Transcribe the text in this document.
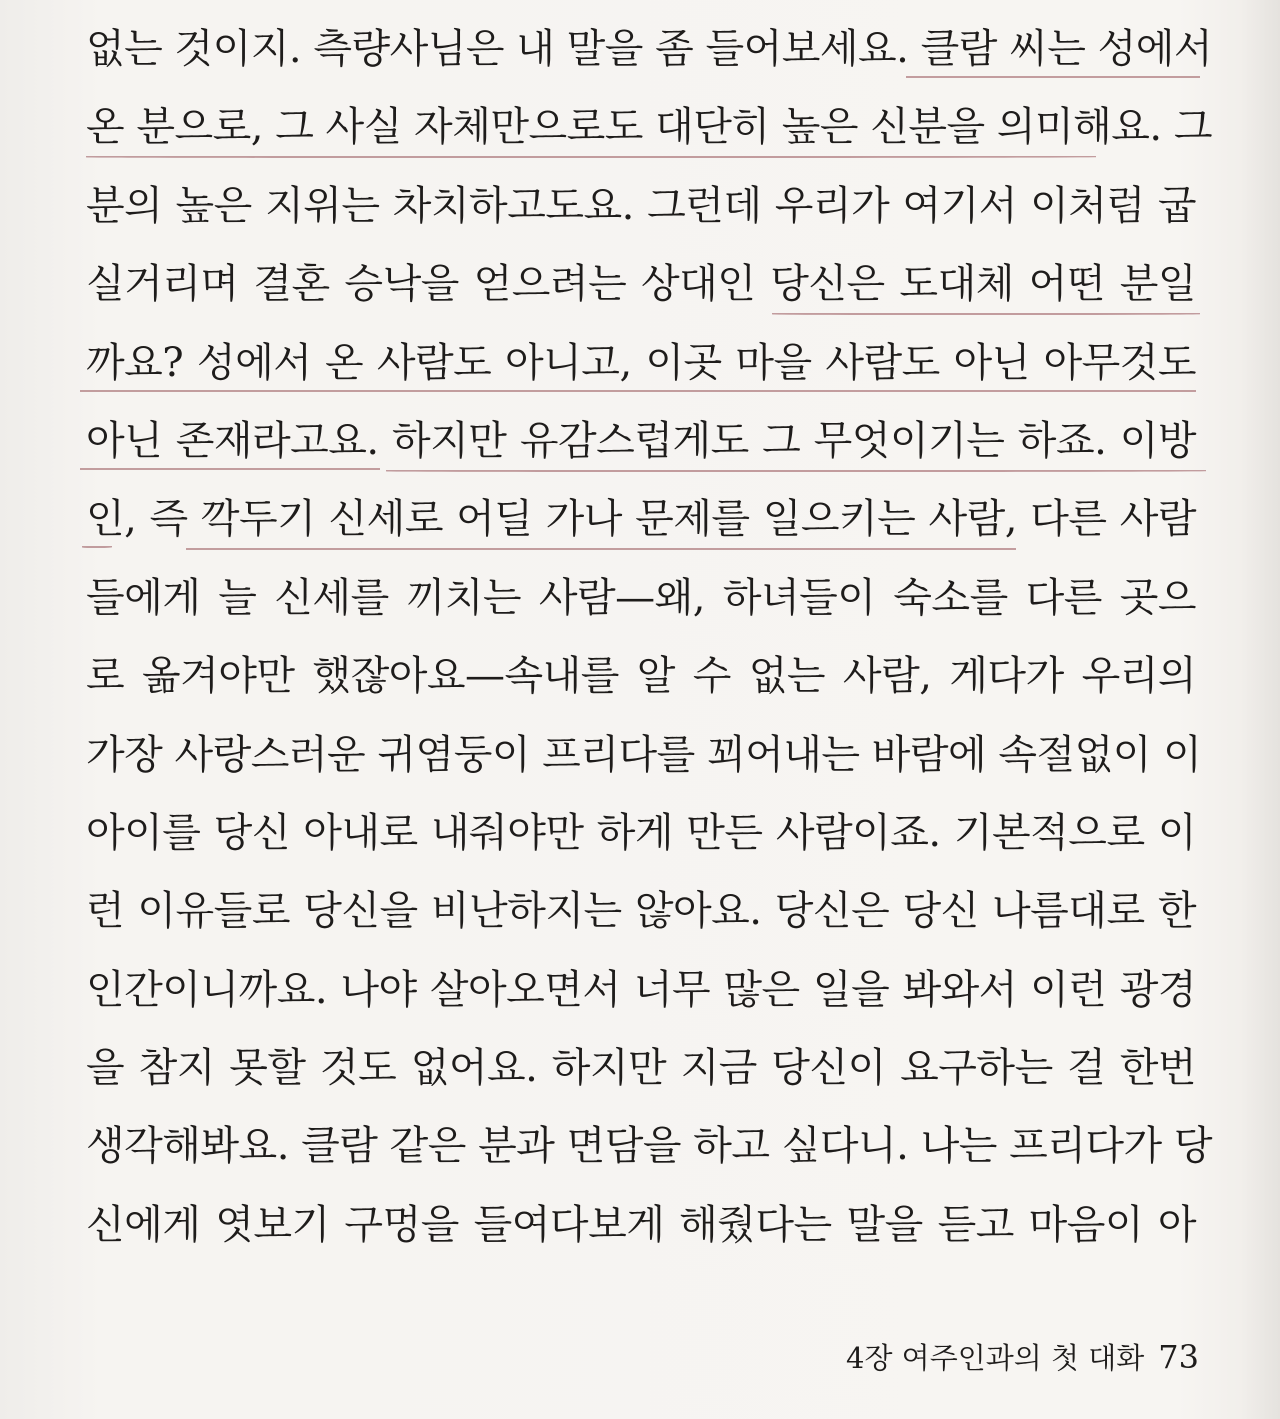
없는 것이지. 측량사님은 내 말을 좀 들어보세요. 클람 씨는 성에서
온 분으로, 그 사실 자체만으로도 대단히 높은 신분을 의미해요. 그
분의 높은 지위는 차치하고도요. 그런데 우리가 여기서 이처럼 굽
실거리며 결혼 승낙을 얻으려는 상대인 당신은 도대체 어떤 분일
까요? 성에서 온 사람도 아니고, 이곳 마을 사람도 아닌 아무것도
아닌 존재라고요. 하지만 유감스럽게도 그 무엇이기는 하죠. 이방
인, 즉 깍두기 신세로 어딜 가나 문제를 일으키는 사람, 다른 사람
들에게 늘 신세를 끼치는 사람—왜, 하녀들이 숙소를 다른 곳으
로 옮겨야만 했잖아요—속내를 알 수 없는 사람, 게다가 우리의
가장 사랑스러운 귀염둥이 프리다를 꾀어내는 바람에 속절없이 이
아이를 당신 아내로 내줘야만 하게 만든 사람이죠. 기본적으로 이
런 이유들로 당신을 비난하지는 않아요. 당신은 당신 나름대로 한
인간이니까요. 나야 살아오면서 너무 많은 일을 봐와서 이런 광경
을 참지 못할 것도 없어요. 하지만 지금 당신이 요구하는 걸 한번
생각해봐요. 클람 같은 분과 면담을 하고 싶다니. 나는 프리다가 당
신에게 엿보기 구멍을 들여다보게 해줬다는 말을 듣고 마음이 아
4장 여주인과의 첫 대화 73
